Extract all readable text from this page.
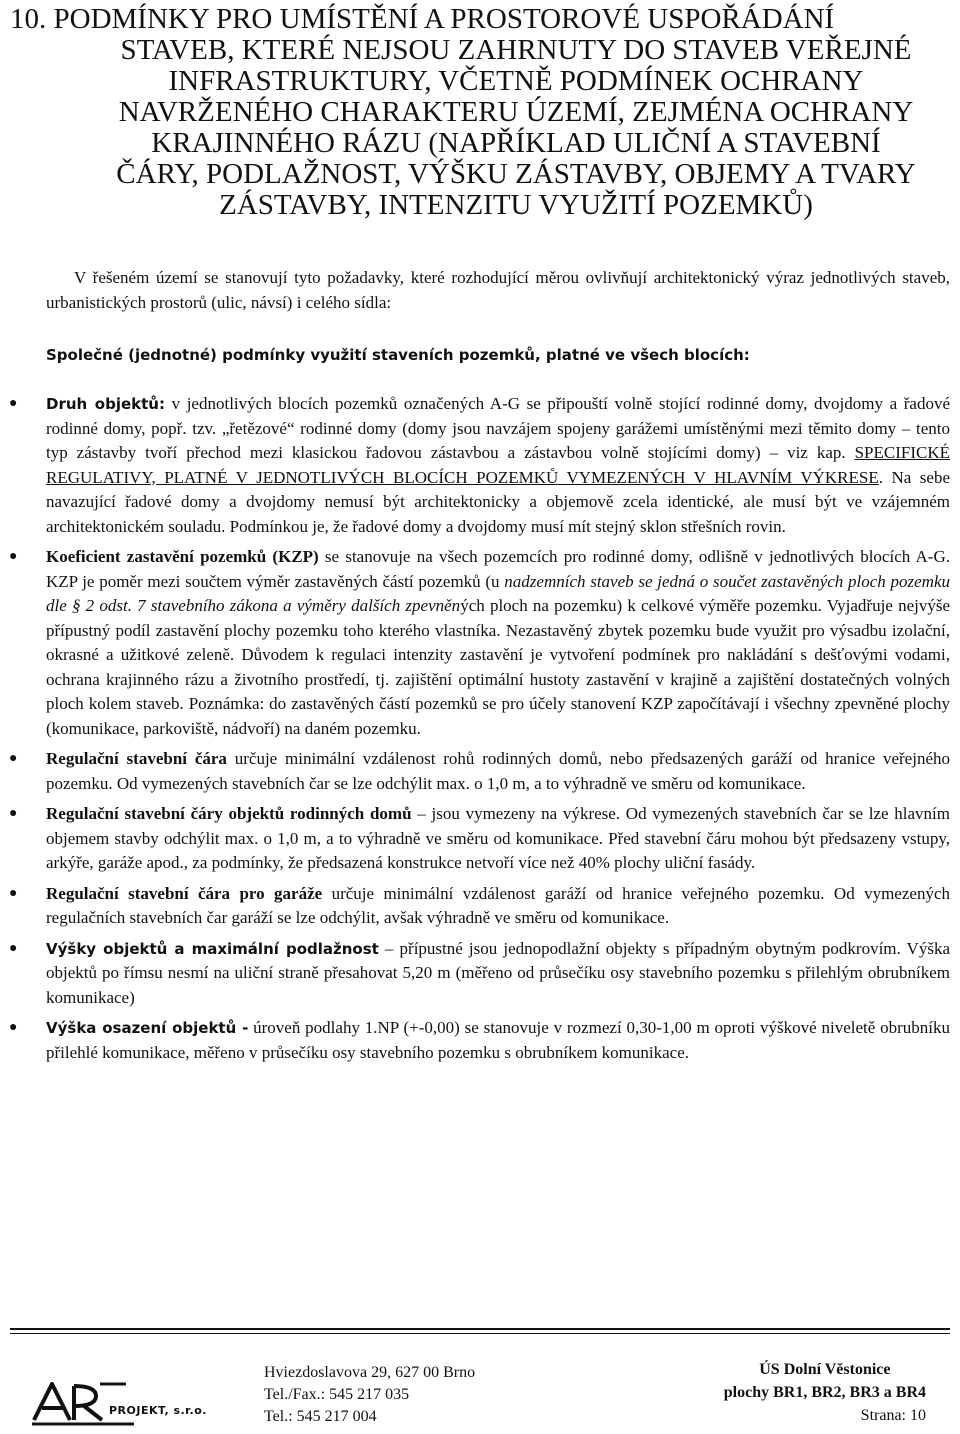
10. PODMÍNKY PRO UMÍSTĚNÍ A PROSTOROVÉ USPOŘÁDÁNÍ
STAVEB, KTERÉ NEJSOU ZAHRNUTY DO STAVEB VEŘEJNÉ
INFRASTRUKTURY, VČETNĚ PODMÍNEK OCHRANY
NAVRŽENÉHO CHARAKTERU ÚZEMÍ, ZEJMÉNA OCHRANY
KRAJINNÉHO RÁZU (NAPŘÍKLAD ULIČNÍ A STAVEBNÍ
ČÁRY, PODLAŽNOST, VÝŠKU ZÁSTAVBY, OBJEMY A TVARY
ZÁSTAVBY, INTENZITU VYUŽITÍ POZEMKŮ)

V řešeném území se stanovují tyto požadavky, které rozhodující měrou ovlivňují architektonický výraz jednotlivých staveb, urbanistických prostorů (ulic, návsí) i celého sídla:

Společné (jednotné) podmínky využití staveních pozemků, platné ve všech blocích:

● Druh objektů: v jednotlivých blocích pozemků označených A-G se připouští volně stojící rodinné domy, dvojdomy a řadové rodinné domy, popř. tzv. „řetězové“ rodinné domy (domy jsou navzájem spojeny garážemi umístěnými mezi těmito domy – tento typ zástavby tvoří přechod mezi klasickou řadovou zástavbou a zástavbou volně stojícími domy) – viz kap. SPECIFICKÉ REGULATIVY, PLATNÉ V JEDNOTLIVÝCH BLOCÍCH POZEMKŮ VYMEZENÝCH V HLAVNÍM VÝKRESE. Na sebe navazující řadové domy a dvojdomy nemusí být architektonicky a objemově zcela identické, ale musí být ve vzájemném architektonickém souladu. Podmínkou je, že řadové domy a dvojdomy musí mít stejný sklon střešních rovin.
● Koeficient zastavění pozemků (KZP) se stanovuje na všech pozemcích pro rodinné domy, odlišně v jednotlivých blocích A-G. KZP je poměr mezi součtem výměr zastavěných částí pozemků (u nadzemních staveb se jedná o součet zastavěných ploch pozemku dle § 2 odst. 7 stavebního zákona a výměry dalších zpevněných ploch na pozemku) k celkové výměře pozemku. Vyjadřuje nejvýše přípustný podíl zastavění plochy pozemku toho kterého vlastníka. Nezastavěný zbytek pozemku bude využit pro výsadbu izolační, okrasné a užitkové zeleně. Důvodem k regulaci intenzity zastavění je vytvoření podmínek pro nakládání s dešťovými vodami, ochrana krajinného rázu a životního prostředí, tj. zajištění optimální hustoty zastavění v krajině a zajištění dostatečných volných ploch kolem staveb. Poznámka: do zastavěných částí pozemků se pro účely stanovení KZP započítávají i všechny zpevněné plochy (komunikace, parkoviště, nádvoří) na daném pozemku.
● Regulační stavební čára určuje minimální vzdálenost rohů rodinných domů, nebo předsazených garáží od hranice veřejného pozemku. Od vymezených stavebních čar se lze odchýlit max. o 1,0 m, a to výhradně ve směru od komunikace.
● Regulační stavební čáry objektů rodinných domů – jsou vymezeny na výkrese. Od vymezených stavebních čar se lze hlavním objemem stavby odchýlit max. o 1,0 m, a to výhradně ve směru od komunikace. Před stavební čáru mohou být předsazeny vstupy, arkýře, garáže apod., za podmínky, že předsazená konstrukce netvoří více než 40% plochy uliční fasády.
● Regulační stavební čára pro garáže určuje minimální vzdálenost garáží od hranice veřejného pozemku. Od vymezených regulačních stavebních čar garáží se lze odchýlit, avšak výhradně ve směru od komunikace.
● Výšky objektů a maximální podlažnost – přípustné jsou jednopodlažní objekty s případným obytným podkrovím. Výška objektů po římsu nesmí na uliční straně přesahovat 5,20 m (měřeno od průsečíku osy stavebního pozemku s přilehlým obrubníkem komunikace)
● Výška osazení objektů - úroveň podlahy 1.NP (+-0,00) se stanovuje v rozmezí 0,30-1,00 m oproti výškové niveletě obrubníku přilehlé komunikace, měřeno v průsečíku osy stavebního pozemku s obrubníkem komunikace.
PROJEKT, s.r.o.
Hviezdoslavova 29, 627 00 Brno
Tel./Fax.: 545 217 035
Tel.: 545 217 004
ÚS Dolní Věstonice
plochy BR1, BR2, BR3 a BR4
Strana: 10
